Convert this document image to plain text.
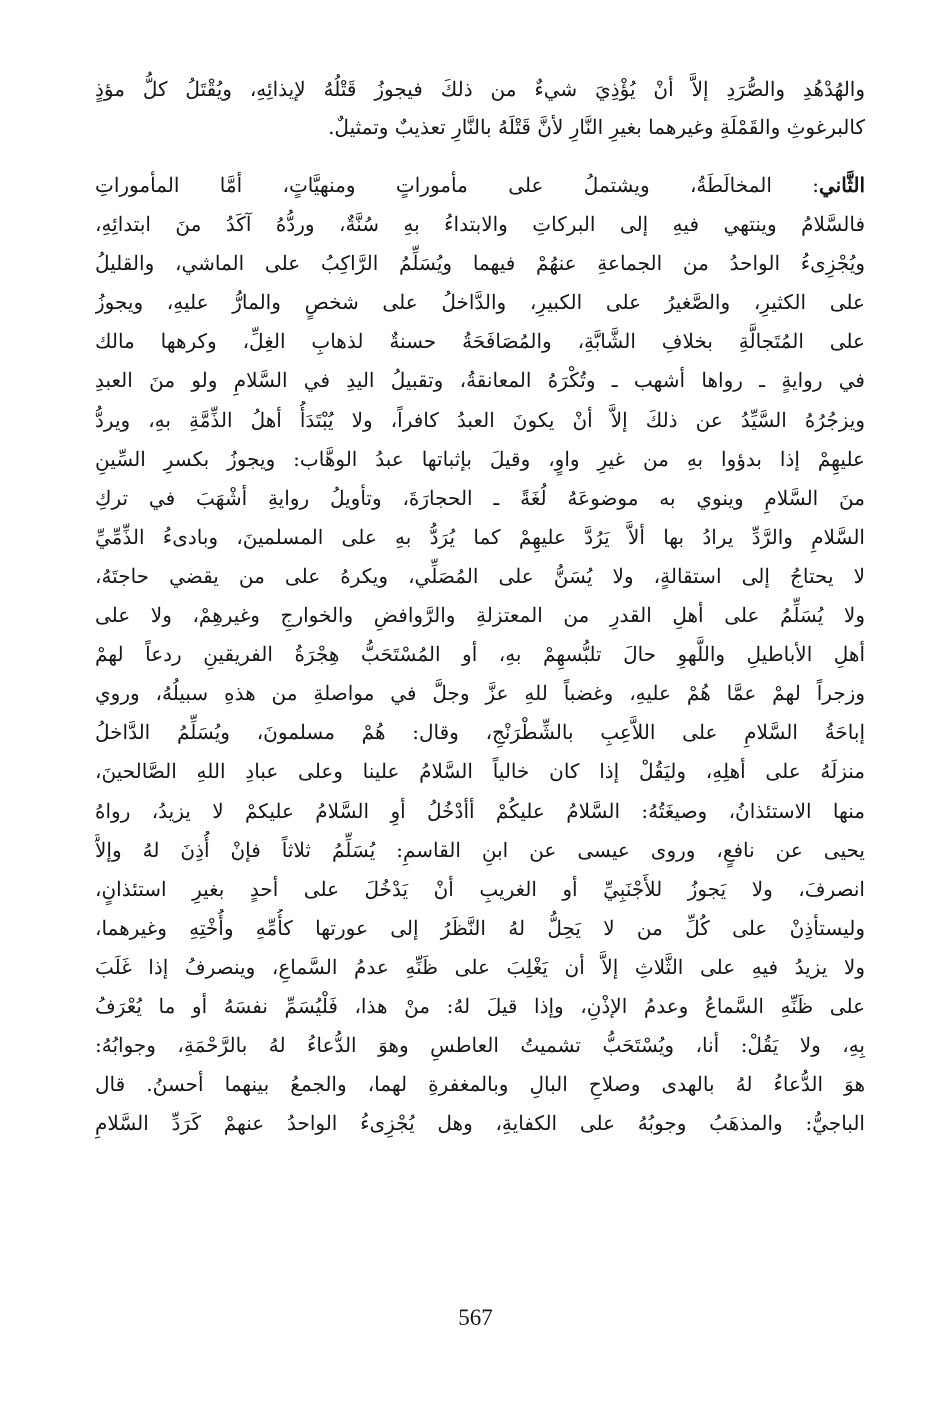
والهُدْهُدِ والصُّرَدِ إلاَّ أنْ يُؤْذِيَ شيءٌ من ذلكَ فيجوزُ قَتْلُهُ لإيذائِهِ، ويُقْتَلُ كلُّ مؤذٍ
كالبرغوثِ والقَمْلَةِ وغيرهما بغيرِ النَّارِ لأنَّ قَتْلَهُ بالنَّارِ تعذيبٌ وتمثيلٌ.
الثَّاني: المخالَطَةُ، ويشتملُ على مأموراتٍ ومنهيَّاتٍ، أمَّا المأموراتِ
فالسَّلامُ وينتهي فيهِ إلى البركاتِ والابتداءُ بهِ سُنَّةٌ، وردُّهُ آكَدُ منَ ابتدائِهِ،
ويُجْزِىءُ الواحدُ من الجماعةِ عنهُمْ فيهما ويُسَلِّمُ الرَّاكِبُ على الماشي، والقليلُ
على الكثيرِ، والصَّغيرُ على الكبيرِ، والدَّاخلُ على شخصٍ والمارُّ عليهِ، ويجوزُ
على المُتَجالَّةِ بخلافِ الشَّابَّةِ، والمُصَافَحَةُ حسنةٌ لذهابِ الغِلِّ، وكرهها مالك
في روايةٍ ـ رواها أشهب ـ وتُكْرَهُ المعانقةُ، وتقبيلُ اليدِ في السَّلامِ ولو منَ العبدِ
ويزجُرُهُ السَّيِّدُ عن ذلكَ إلاَّ أنْ يكونَ العبدُ كافراً، ولا يُبْتَدَأُ أهلُ الذِّمَّةِ بهِ، ويردُّ
عليهِمْ إذا بدؤوا بهِ من غيرِ واوٍ، وقيلَ بإثباتها عبدُ الوهَّاب: ويجوزُ بكسرِ السِّينِ
منَ السَّلامِ وينوي به موضوعَهُ لُغَةً ـ الحجارَةَ، وتأويلُ روايةِ أشْهَبَ في تركِ
السَّلامِ والرَّدِّ يرادُ بها ألاَّ يَرُدَّ عليهِمْ كما يُرَدُّ بهِ على المسلمينَ، وبادىءُ الذِّمِّيِّ
لا يحتاجُ إلى استقالةٍ، ولا يُسَنُّ على المُصَلِّي، ويكرهُ على من يقضي حاجتَهُ،
ولا يُسَلِّمُ على أهلِ القدرِ من المعتزلةِ والرَّوافضِ والخوارجِ وغيرهِمْ، ولا على
أهلِ الأباطيلِ واللَّهوِ حالَ تلبُّسهِمْ بهِ، أو المُسْتَحَبُّ هِجْرَةُ الفريقينِ ردعاً لهمْ
وزجراً لهمْ عمَّا هُمْ عليهِ، وغضباً للهِ عزَّ وجلَّ في مواصلةِ من هذهِ سبيلُهُ، وروي
إباحَةُ السَّلامِ على اللاَّعِبِ بالشِّطْرَنْجِ، وقال: هُمْ مسلمونَ، ويُسَلِّمُ الدَّاخلُ
منزلَهُ على أهلِهِ، وليَقُلْ إذا كان خالياً السَّلامُ علينا وعلى عبادِ اللهِ الصَّالحينَ،
منها الاستئذانُ، وصيغَتُهُ: السَّلامُ عليكُمْ أأدْخُلُ أوِ السَّلامُ عليكمْ لا يزيدُ، رواهُ
يحيى عن نافعٍ، وروى عيسى عن ابنِ القاسمِ: يُسَلِّمُ ثلاثاً فإنْ أُذِنَ لهُ وإلاَّ
انصرفَ، ولا يَجوزُ للأَجْنَبِيِّ أو الغريبِ أنْ يَدْخُلَ على أحدٍ بغيرِ استئذانٍ،
وليستأذِنْ على كُلِّ من لا يَحِلُّ لهُ النَّظَرُ إلى عورتها كأُمِّهِ وأُخْتِهِ وغيرهما،
ولا يزيدُ فيهِ على الثَّلاثِ إلاَّ أن يَغْلِبَ على ظَنِّهِ عدمُ السَّماعِ، وينصرفُ إذا غَلَبَ
على ظَنِّهِ السَّماعُ وعدمُ الإذْنِ، وإذا قيلَ لهُ: منْ هذا، فَلْيُسَمِّ نفسَهُ أو ما يُعْرَفُ
بِهِ، ولا يَقُلْ: أنا، ويُسْتَحَبُّ تشميتُ العاطسِ وهوَ الدُّعاءُ لهُ بالرَّحْمَةِ، وجوابُهُ:
هوَ الدُّعاءُ لهُ بالهدى وصلاحِ البالِ وبالمغفرةِ لهما، والجمعُ بينهما أحسنُ. قال
الباجيُّ: والمذهَبُ وجوبُهُ على الكفايةِ، وهل يُجْزِىءُ الواحدُ عنهمْ كَرَدِّ السَّلامِ
567
